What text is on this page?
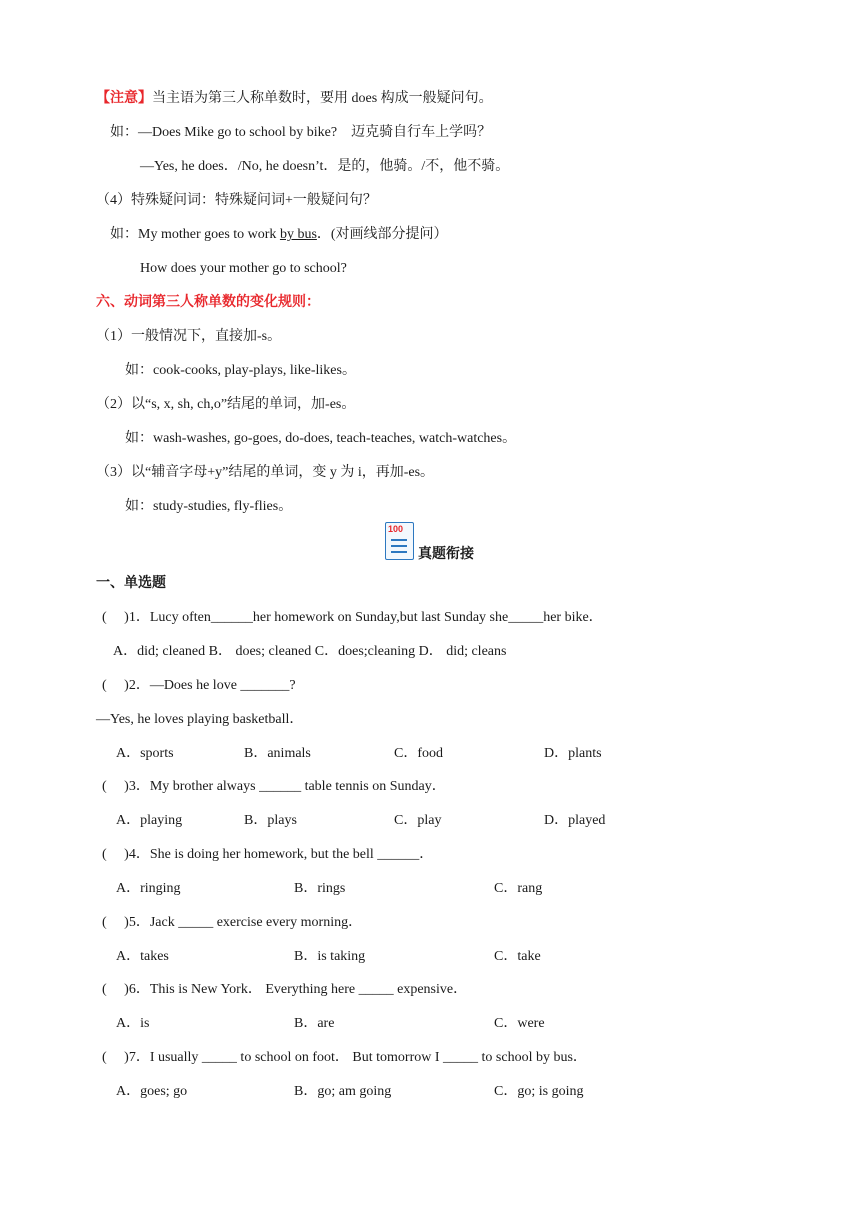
【注意】当主语为第三人称单数时，要用 does 构成一般疑问句。
如：—Does Mike go to school by bike?　迈克骑自行车上学吗？
—Yes, he does．/No, he doesn’t．是的，他骑。/不，他不骑。
（4）特殊疑问词：特殊疑问词+一般疑问句？
如：My mother goes to work by bus．(对画线部分提问）
How does your mother go to school?
六、动词第三人称单数的变化规则：
（1）一般情况下，直接加-s。
如：cook-cooks, play-plays, like-likes。
（2）以“s, x, sh, ch,o”结尾的单词，加-es。
如：wash-washes, go-goes, do-does, teach-teaches, watch-watches。
（3）以“辅音字母+y”结尾的单词，变 y 为 i，再加-es。
如：study-studies, fly-flies。
100
真题衔接
一、单选题
(　 )1．Lucy often______her homework on Sunday,but last Sunday she_____her bike．
A．did; cleaned B． does; cleaned C．does;cleaning D． did; cleans
(　 )2．—Does he love _______?
—Yes, he loves playing basketball．
A．sports	B．animals	C．food	D．plants
(　 )3．My brother always ______ table tennis on Sunday．
A．playing	B．plays	C．play	D．played
(　 )4．She is doing her homework, but the bell ______．
A．ringing	B．rings	C．rang
(　 )5．Jack _____ exercise every morning．
A．takes	B．is taking	C．take
(　 )6．This is New York． Everything here _____ expensive．
A．is	B．are	C．were
(　 )7．I usually _____ to school on foot． But tomorrow I _____ to school by bus．
A．goes; go	B．go; am going	C．go; is going
